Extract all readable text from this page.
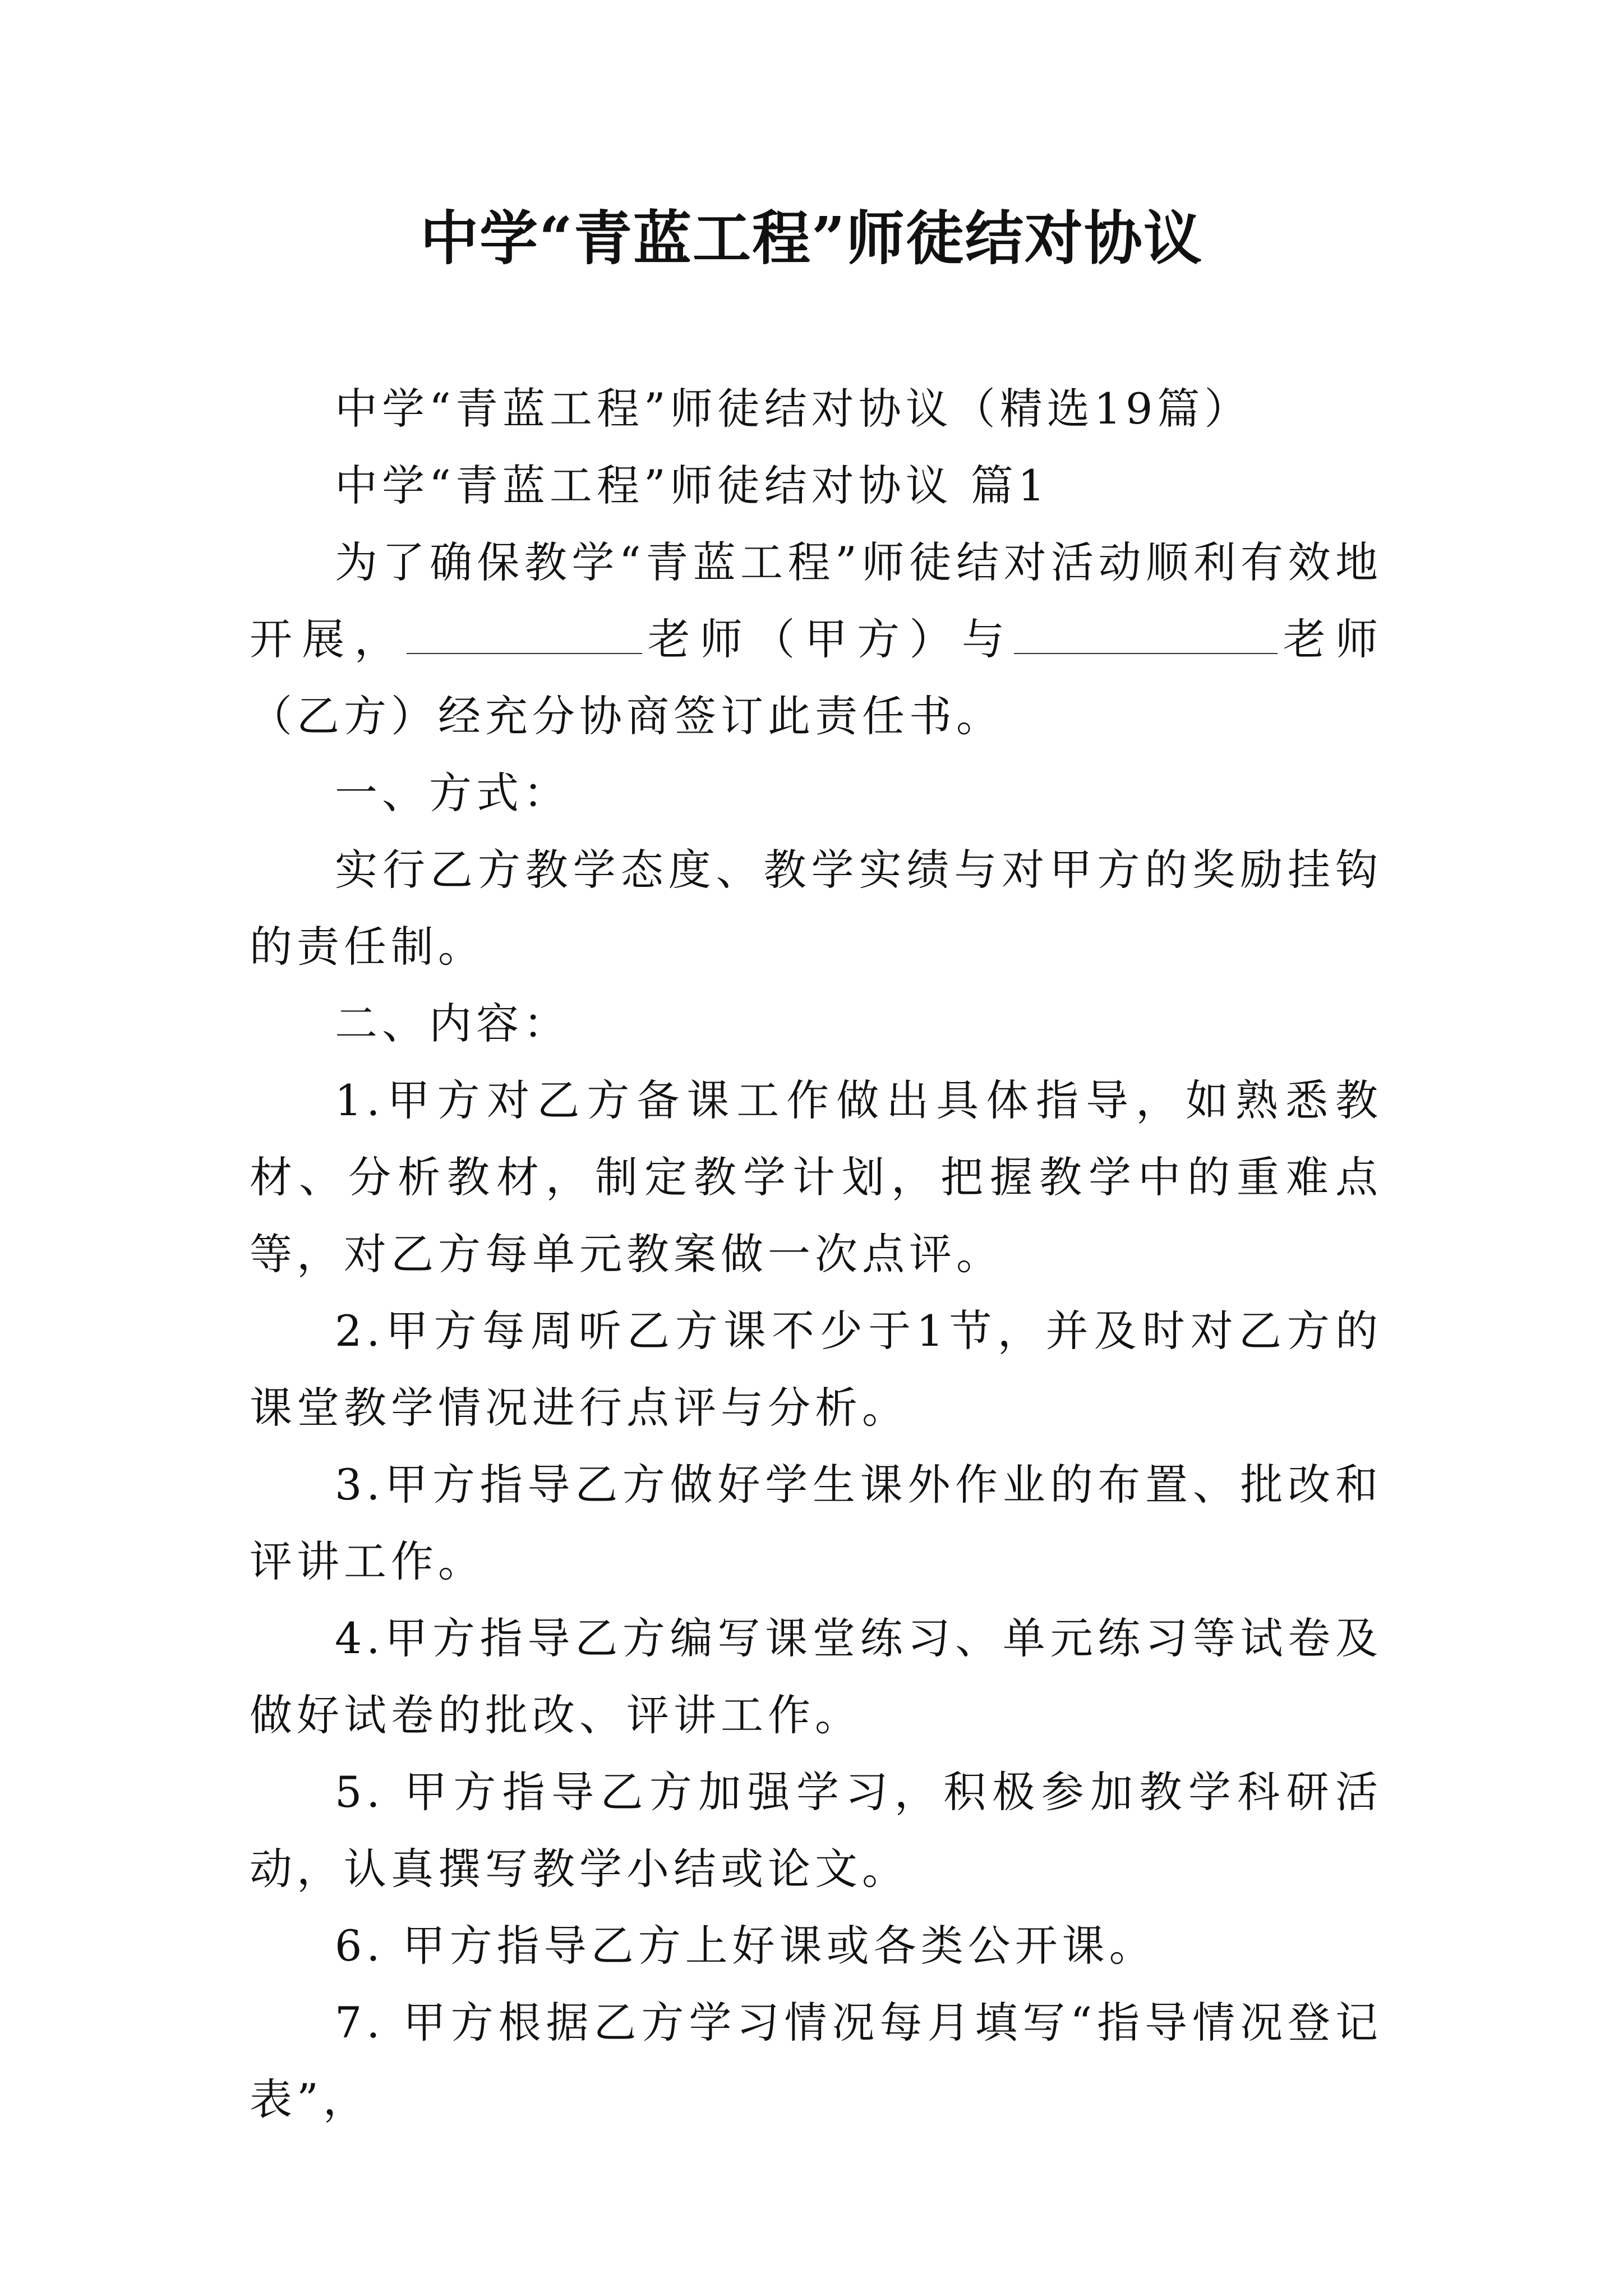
中学“青蓝工程”师徒结对协议

中学“青蓝工程”师徒结对协议（精选19篇）

中学“青蓝工程”师徒结对协议 篇1

为了确保教学“青蓝工程”师徒结对活动顺利有效地开展，	老师（甲方）与	老师（乙方）经充分协商签订此责任书。

一、方式：

实行乙方教学态度、教学实绩与对甲方的奖励挂钩的责任制。

二、内容：

1.甲方对乙方备课工作做出具体指导，如熟悉教材、分析教材，制定教学计划，把握教学中的重难点等，对乙方每单元教案做一次点评。

2.甲方每周听乙方课不少于1节，并及时对乙方的课堂教学情况进行点评与分析。

3.甲方指导乙方做好学生课外作业的布置、批改和评讲工作。

4.甲方指导乙方编写课堂练习、单元练习等试卷及做好试卷的批改、评讲工作。

5. 甲方指导乙方加强学习，积极参加教学科研活动，认真撰写教学小结或论文。

6. 甲方指导乙方上好课或各类公开课。

7. 甲方根据乙方学习情况每月填写“指导情况登记表”，
